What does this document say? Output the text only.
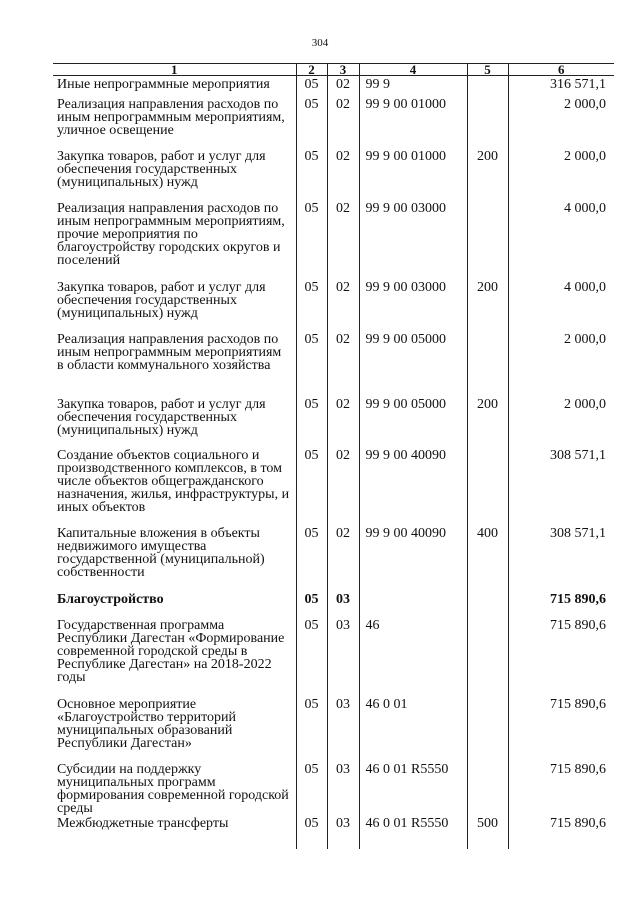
304
1	2	3	4	5	6
Иные непрограммные мероприятия	05	02	99 9		316 571,1
Реализация направления расходов по иным непрограммным мероприятиям, уличное освещение	05	02	99 9 00 01000		2 000,0
Закупка товаров, работ и услуг для обеспечения государственных (муниципальных) нужд	05	02	99 9 00 01000	200	2 000,0
Реализация направления расходов по иным непрограммным мероприятиям, прочие мероприятия по благоустройству городских округов и поселений	05	02	99 9 00 03000		4 000,0
Закупка товаров, работ и услуг для обеспечения государственных (муниципальных) нужд	05	02	99 9 00 03000	200	4 000,0
Реализация направления расходов по иным непрограммным мероприятиям в области коммунального хозяйства	05	02	99 9 00 05000		2 000,0
Закупка товаров, работ и услуг для обеспечения государственных (муниципальных) нужд	05	02	99 9 00 05000	200	2 000,0
Создание объектов социального и производственного комплексов, в том числе объектов общегражданского назначения, жилья, инфраструктуры, и иных объектов	05	02	99 9 00 40090		308 571,1
Капитальные вложения в объекты недвижимого имущества государственной (муниципальной) собственности	05	02	99 9 00 40090	400	308 571,1
Благоустройство	05	03			715 890,6
Государственная программа Республики Дагестан «Формирование современной городской среды в Республике Дагестан» на 2018-2022 годы	05	03	46		715 890,6
Основное мероприятие «Благоустройство территорий муниципальных образований Республики Дагестан»	05	03	46 0 01		715 890,6
Субсидии на поддержку муниципальных программ формирования современной городской среды	05	03	46 0 01 R5550		715 890,6
Межбюджетные трансферты	05	03	46 0 01 R5550	500	715 890,6
